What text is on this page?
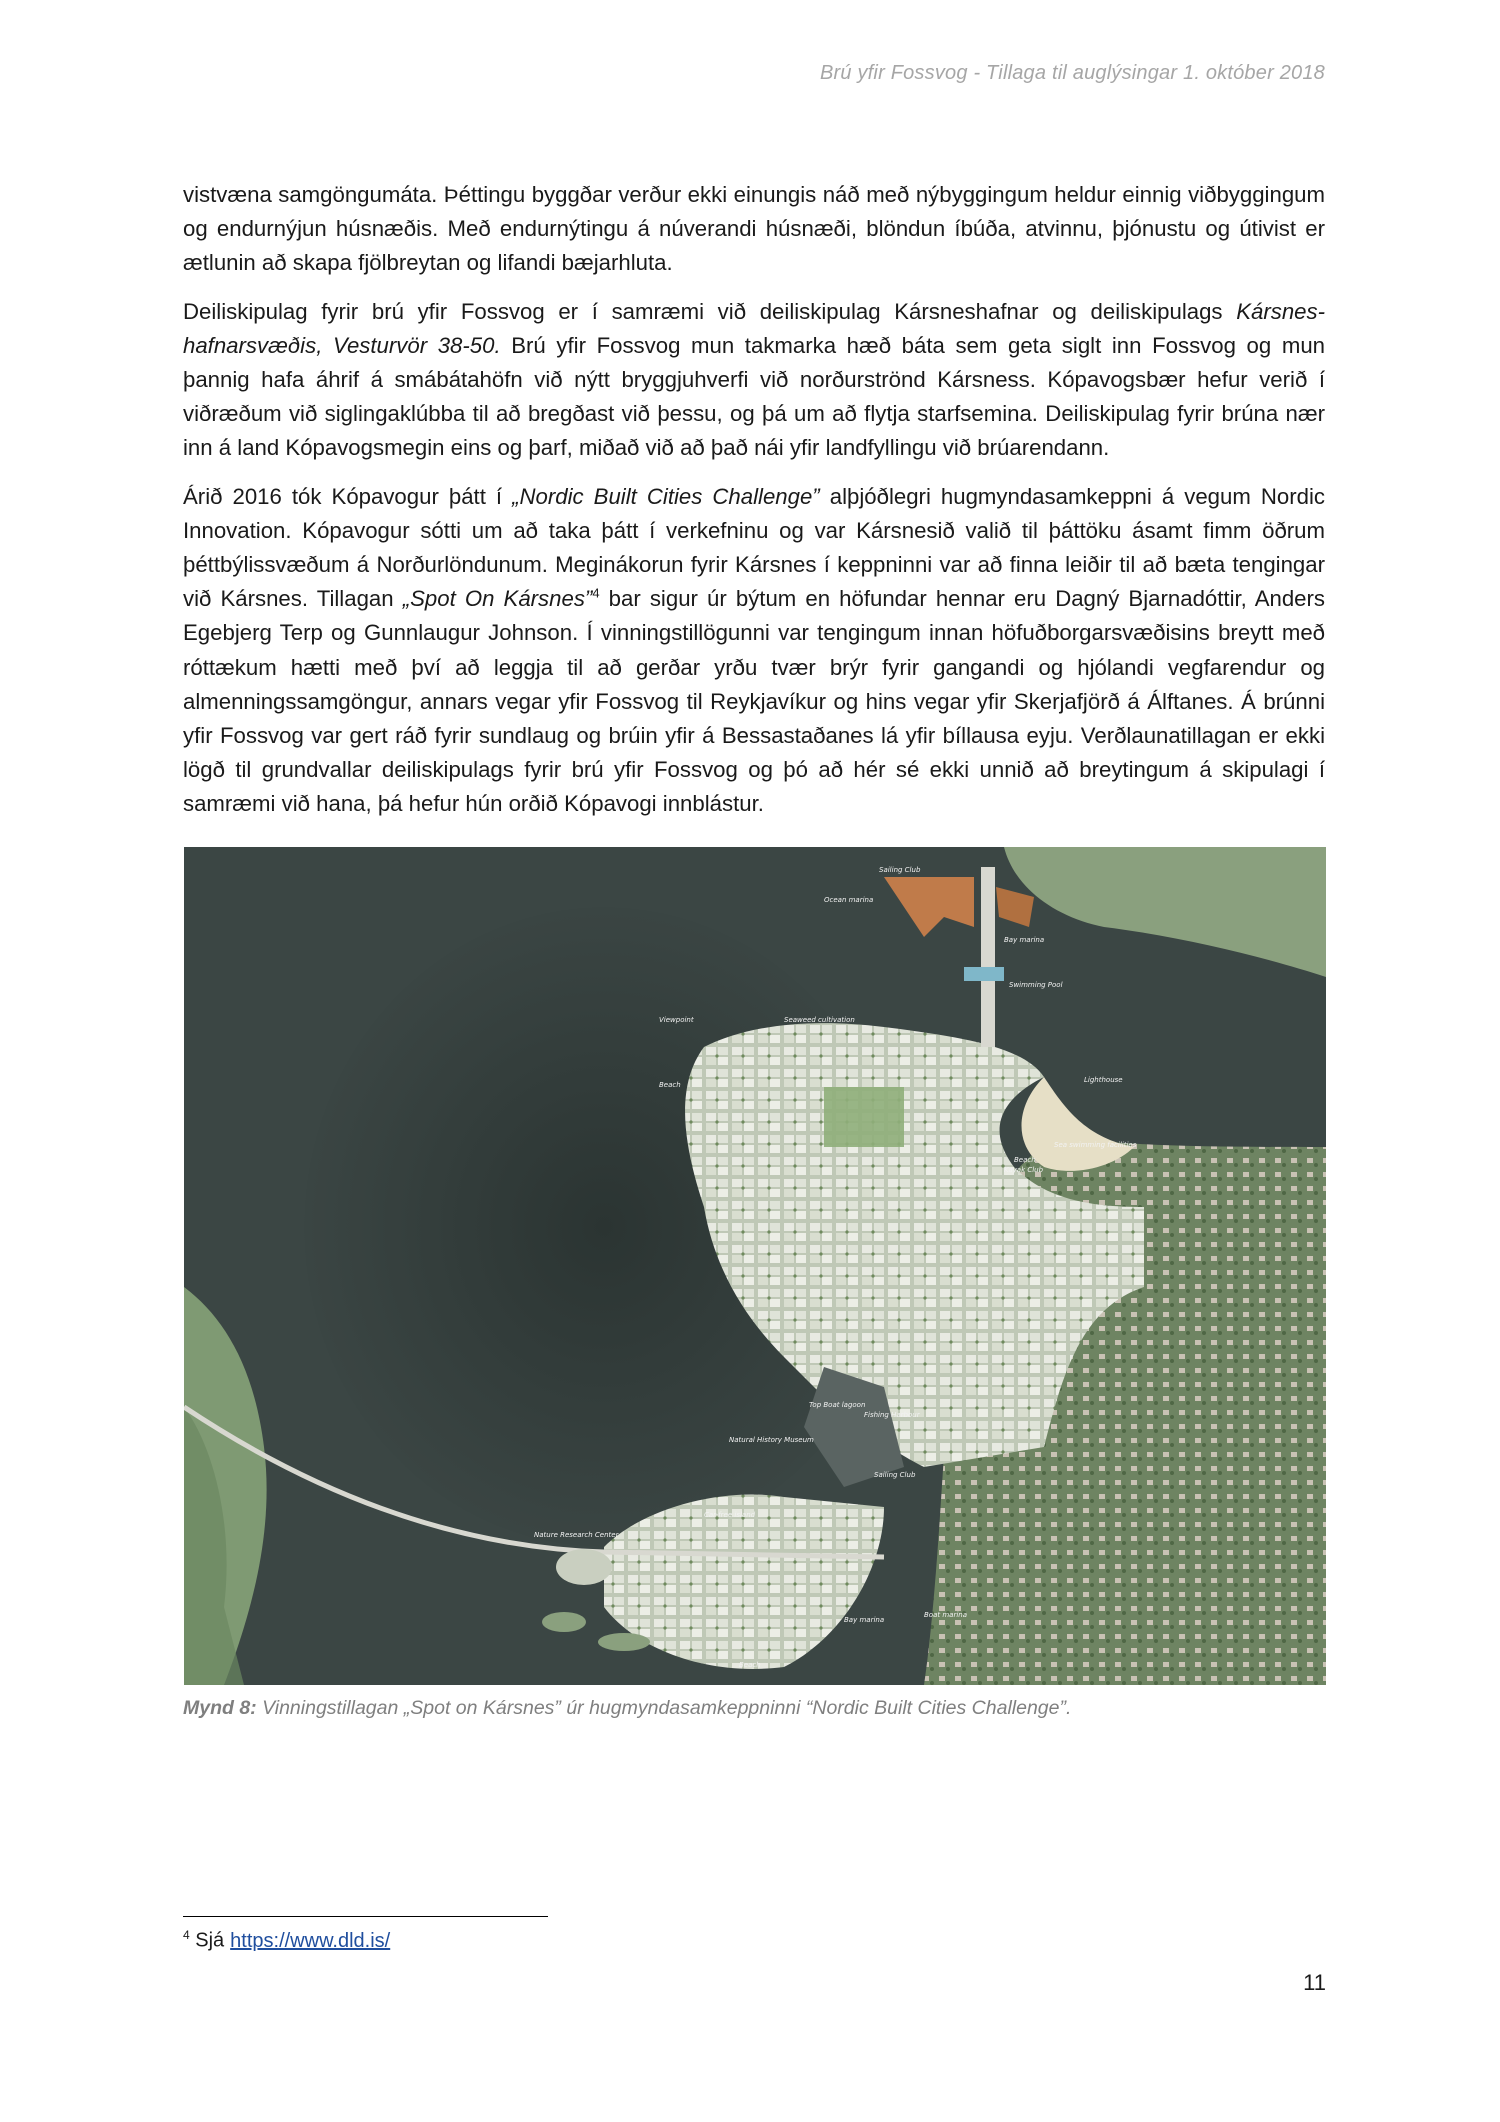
Brú yfir Fossvog - Tillaga til auglýsingar 1. október 2018

vistvæna samgöngumáta. Þéttingu byggðar verður ekki einungis náð með nýbyggingum heldur einnig viðbyggingum og endurnýjun húsnæðis. Með endurnýtingu á núverandi húsnæði, blöndun íbúða, atvinnu, þjónustu og útivist er ætlunin að skapa fjölbreytan og lifandi bæjarhluta.

Deiliskipulag fyrir brú yfir Fossvog er í samræmi við deiliskipulag Kársneshafnar og deiliskipulags Kársnes-hafnarsvæðis, Vesturvör 38-50. Brú yfir Fossvog mun takmarka hæð báta sem geta siglt inn Fossvog og mun þannig hafa áhrif á smábátahöfn við nýtt bryggjuhverfi við norðurströnd Kársness. Kópavogsbær hefur verið í viðræðum við siglingaklúbba til að bregðast við þessu, og þá um að flytja starfsemina. Deiliskipulag fyrir brúna nær inn á land Kópavogsmegin eins og þarf, miðað við að það nái yfir landfyllingu við brúarendann.

Árið 2016 tók Kópavogur þátt í „Nordic Built Cities Challenge” alþjóðlegri hugmyndasamkeppni á vegum Nordic Innovation. Kópavogur sótti um að taka þátt í verkefninu og var Kársnesið valið til þáttöku ásamt fimm öðrum þéttbýlissvæðum á Norðurlöndunum. Meginákorun fyrir Kársnes í keppninni var að finna leiðir til að bæta tengingar við Kársnes. Tillagan „Spot On Kársnes”$^4$ bar sigur úr býtum en höfundar hennar eru Dagný Bjarnadóttir, Anders Egebjerg Terp og Gunnlaugur Johnson. Í vinningstillögunni var tengingum innan höfuðborgarsvæðisins breytt með róttækum hætti með því að leggja til að gerðar yrðu tvær brýr fyrir gangandi og hjólandi vegfarendur og almenningssamgöngur, annars vegar yfir Fossvog til Reykjavíkur og hins vegar yfir Skerjafjörð á Álftanes. Á brúnni yfir Fossvog var gert ráð fyrir sundlaug og brúin yfir á Bessastaðanes lá yfir bíllausa eyju. Verðlaunatillagan er ekki lögð til grundvallar deiliskipulags fyrir brú yfir Fossvog og þó að hér sé ekki unnið að breytingum á skipulagi í samræmi við hana, þá hefur hún orðið Kópavogi innblástur.

Sailing Club
Ocean marina
Bay marina
Swimming Pool
Viewpoint	Seaweed cultivation
Beach
Lighthouse
Sea swimming facilities
Beach
Kayak Club
Natural History Museum
Top Boat lagoon
Fishing Harbour
Sailing Club
Nature Research Center
Car-free island
Bay marina
Boat marina
Beach
Mynd 8: Vinningstillagan „Spot on Kársnes” úr hugmyndasamkeppninni “Nordic Built Cities Challenge”.
$^4$ Sjá https://www.dld.is/
11
